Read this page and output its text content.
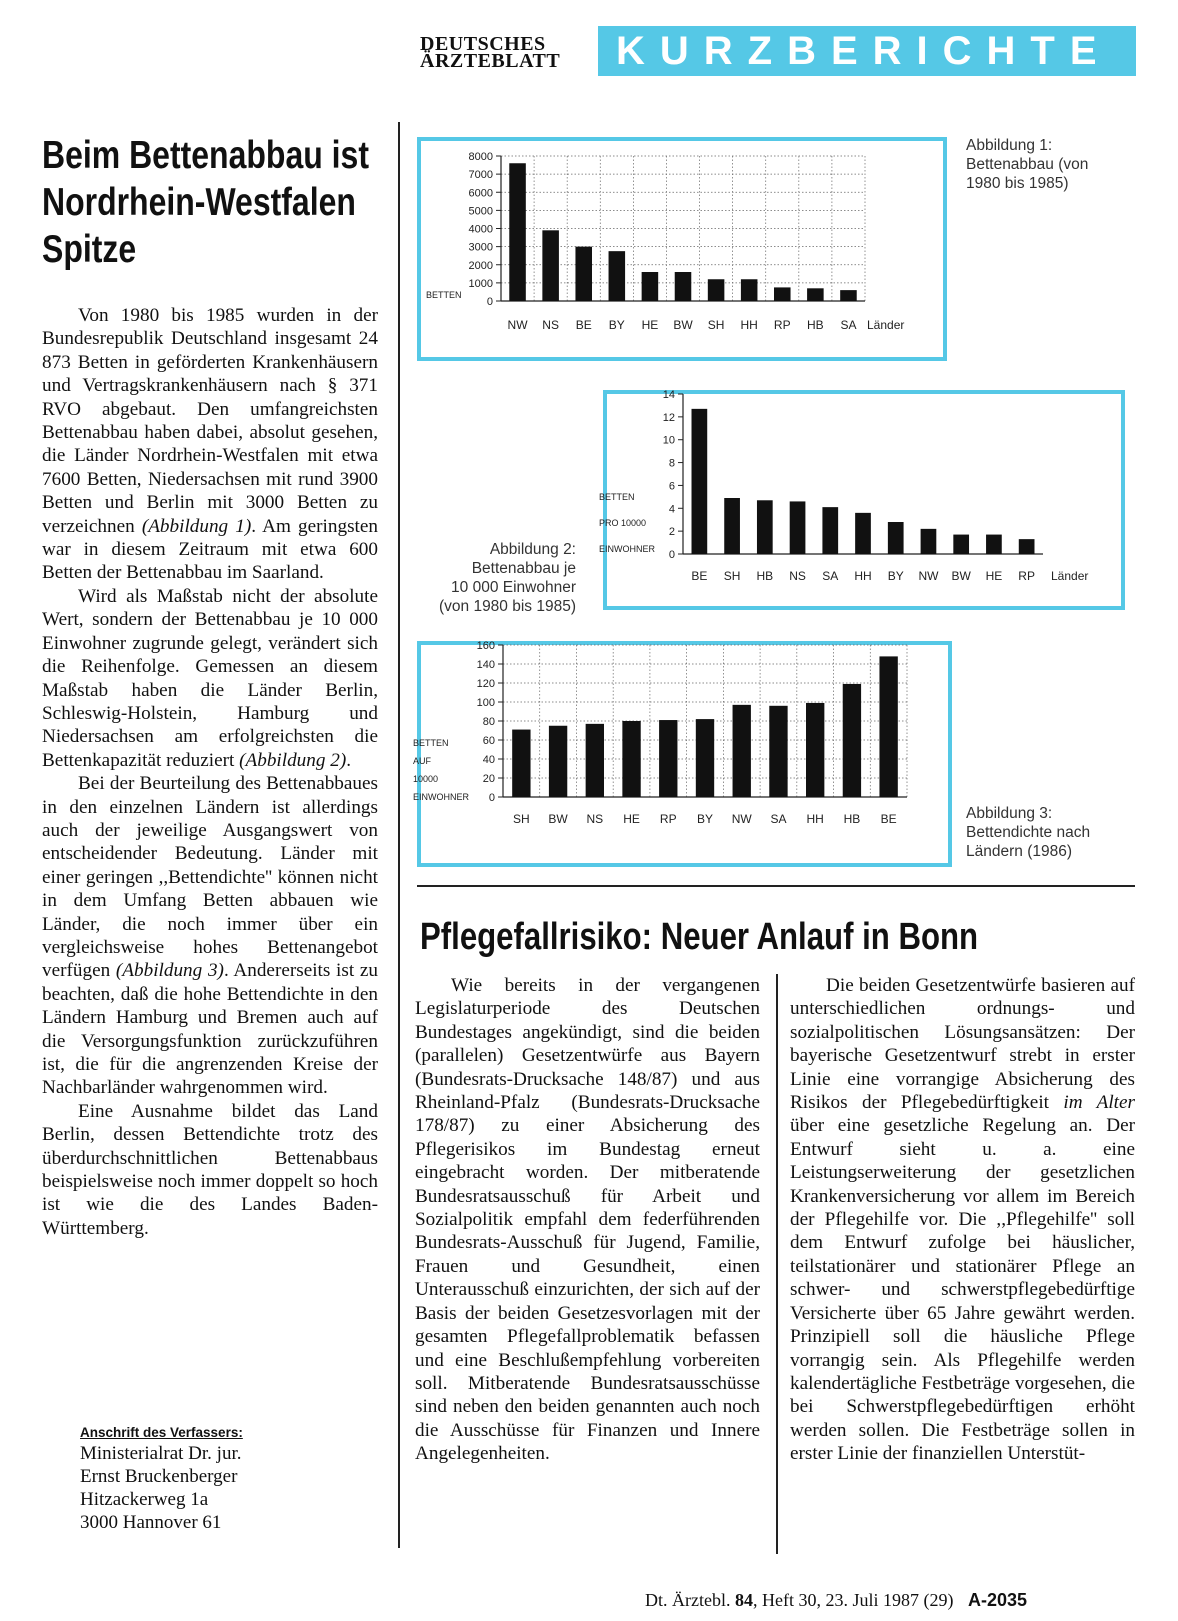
DEUTSCHES
ÄRZTEBLATT	KURZBERICHTE
Beim Bettenabbau ist Nordrhein-Westfalen Spitze

Von 1980 bis 1985 wurden in der Bundesrepublik Deutschland insgesamt 24 873 Betten in geförderten Krankenhäusern und Vertragskrankenhäusern nach § 371 RVO abgebaut. Den umfangreichsten Bettenabbau haben dabei, absolut gesehen, die Länder Nordrhein-Westfalen mit etwa 7600 Betten, Niedersachsen mit rund 3900 Betten und Berlin mit 3000 Betten zu verzeichnen (Abbildung 1). Am geringsten war in diesem Zeitraum mit etwa 600 Betten der Bettenabbau im Saarland.

Wird als Maßstab nicht der absolute Wert, sondern der Bettenabbau je 10 000 Einwohner zugrunde gelegt, verändert sich die Reihenfolge. Gemessen an diesem Maßstab haben die Länder Berlin, Schleswig-Holstein, Hamburg und Niedersachsen am erfolgreichsten die Bettenkapazität reduziert (Abbildung 2).

Bei der Beurteilung des Bettenabbaues in den einzelnen Ländern ist allerdings auch der jeweilige Ausgangswert von entscheidender Bedeutung. Länder mit einer geringen ,,Bettendichte'' können nicht in dem Umfang Betten abbauen wie Länder, die noch immer über ein vergleichsweise hohes Bettenangebot verfügen (Abbildung 3). Andererseits ist zu beachten, daß die hohe Bettendichte in den Ländern Hamburg und Bremen auch auf die Versorgungsfunktion zurückzuführen ist, die für die angrenzenden Kreise der Nachbarländer wahrgenommen wird.

Eine Ausnahme bildet das Land Berlin, dessen Bettendichte trotz des überdurchschnittlichen Bettenabbaus beispielsweise noch immer doppelt so hoch ist wie die des Landes Baden-Württemberg.

Anschrift des Verfassers:
Ministerialrat Dr. jur.
Ernst Bruckenberger
Hitzackerweg 1a
3000 Hannover 61
0
1000
2000
3000
4000
5000
6000
7000
8000
NW NS BE BY HE BW SH HH RP HB SA Länder
BETTEN
Abbildung 1:
Bettenabbau (von
1980 bis 1985)
0
2
4
6
8
10
12
14
BE SH HB NS SA HH BY NW BW HE RP Länder
BETTEN
PRO 10000
EINWOHNER
Abbildung 2:
Bettenabbau je
10 000 Einwohner
(von 1980 bis 1985)
0
20
40
60
80
100
120
140
160
SH BW NS HE RP BY NW SA HH HB BE
BETTEN
AUF
10000
EINWOHNER
Abbildung 3:
Bettendichte nach
Ländern (1986)
Pflegefallrisiko: Neuer Anlauf in Bonn

Wie bereits in der vergangenen Legislaturperiode des Deutschen Bundestages angekündigt, sind die beiden (parallelen) Gesetzentwürfe aus Bayern (Bundesrats-Drucksache 148/87) und aus Rheinland-Pfalz (Bundesrats-Drucksache 178/87) zu einer Absicherung des Pflegerisikos im Bundestag erneut eingebracht worden. Der mitberatende Bundesratsausschuß für Arbeit und Sozialpolitik empfahl dem federführenden Bundesrats-Ausschuß für Jugend, Familie, Frauen und Gesundheit, einen Unterausschuß einzurichten, der sich auf der Basis der beiden Gesetzesvorlagen mit der gesamten Pflegefallproblematik befassen und eine Beschlußempfehlung vorbereiten soll. Mitberatende Bundesratsausschüsse sind neben den beiden genannten auch noch die Ausschüsse für Finanzen und Innere Angelegenheiten.

Die beiden Gesetzentwürfe basieren auf unterschiedlichen ordnungs- und sozialpolitischen Lösungsansätzen: Der bayerische Gesetzentwurf strebt in erster Linie eine vorrangige Absicherung des Risikos der Pflegebedürftigkeit im Alter über eine gesetzliche Regelung an. Der Entwurf sieht u. a. eine Leistungserweiterung der gesetzlichen Krankenversicherung vor allem im Bereich der Pflegehilfe vor. Die ,,Pflegehilfe'' soll dem Entwurf zufolge bei häuslicher, teilstationärer und stationärer Pflege an schwer- und schwerstpflegebedürftige Versicherte über 65 Jahre gewährt werden. Prinzipiell soll die häusliche Pflege vorrangig sein. Als Pflegehilfe werden kalendertägliche Festbeträge vorgesehen, die bei Schwerstpflegebedürftigen erhöht werden sollen. Die Festbeträge sollen in erster Linie der finanziellen Unterstüt-

Dt. Ärztebl. 84, Heft 30, 23. Juli 1987 (29) A-2035
